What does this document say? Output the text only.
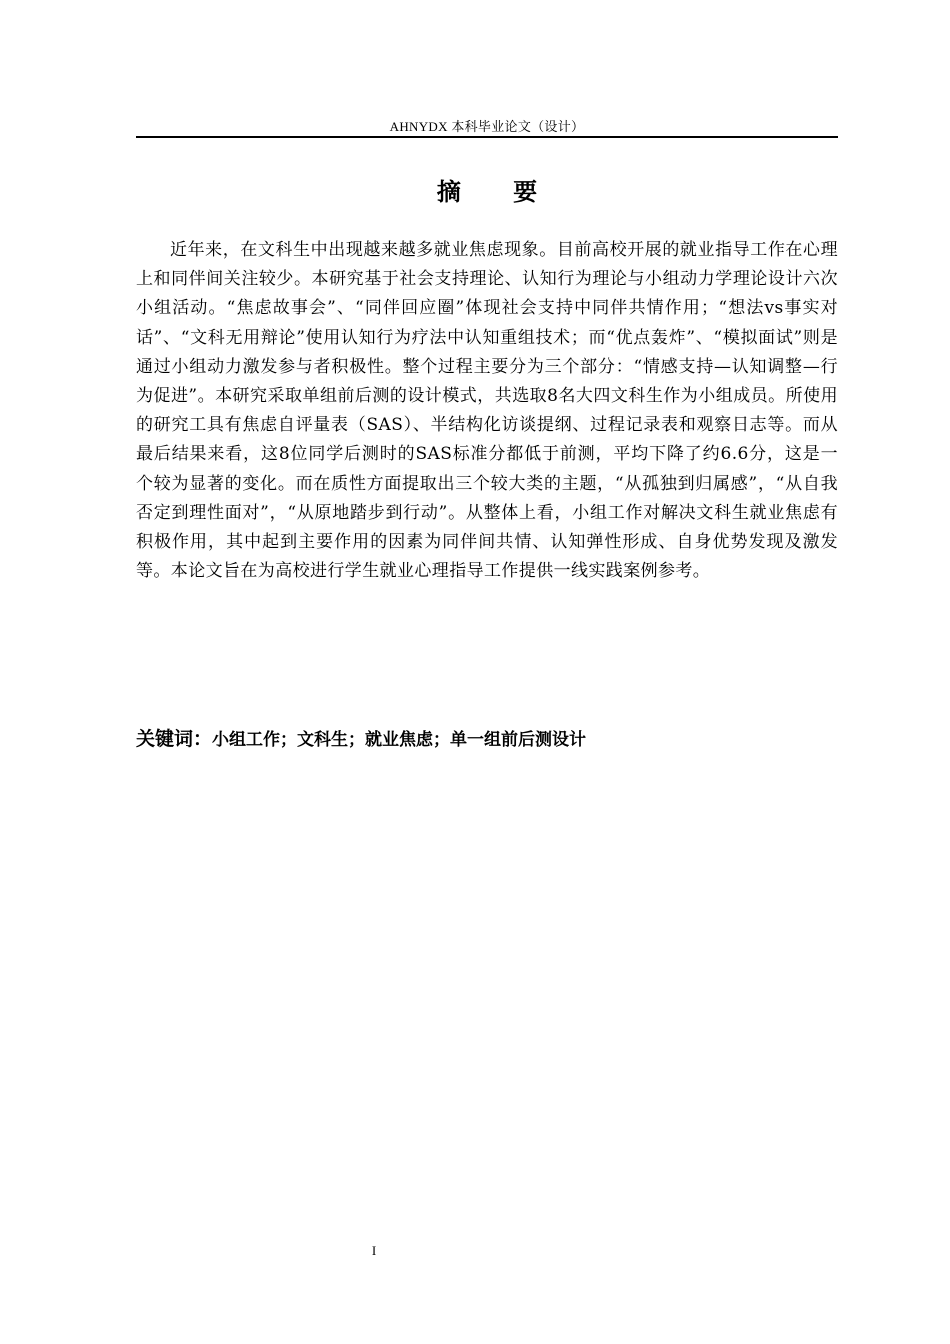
AHNYDX 本科毕业论文（设计）
摘 要

近年来，在文科生中出现越来越多就业焦虑现象。目前高校开展的就业指导工作在心理上和同伴间关注较少。本研究基于社会支持理论、认知行为理论与小组动力学理论设计六次小组活动。“焦虑故事会”、“同伴回应圈”体现社会支持中同伴共情作用；“想法vs事实对话”、“文科无用辩论”使用认知行为疗法中认知重组技术；而“优点轰炸”、“模拟面试”则是通过小组动力激发参与者积极性。整个过程主要分为三个部分：“情感支持—认知调整—行为促进”。本研究采取单组前后测的设计模式，共选取8名大四文科生作为小组成员。所使用的研究工具有焦虑自评量表（SAS）、半结构化访谈提纲、过程记录表和观察日志等。而从最后结果来看，这8位同学后测时的SAS标准分都低于前测，平均下降了约6.6分，这是一个较为显著的变化。而在质性方面提取出三个较大类的主题，“从孤独到归属感”，“从自我否定到理性面对”，“从原地踏步到行动”。从整体上看，小组工作对解决文科生就业焦虑有积极作用，其中起到主要作用的因素为同伴间共情、认知弹性形成、自身优势发现及激发等。本论文旨在为高校进行学生就业心理指导工作提供一线实践案例参考。

关键词：小组工作；文科生；就业焦虑；单一组前后测设计
I
